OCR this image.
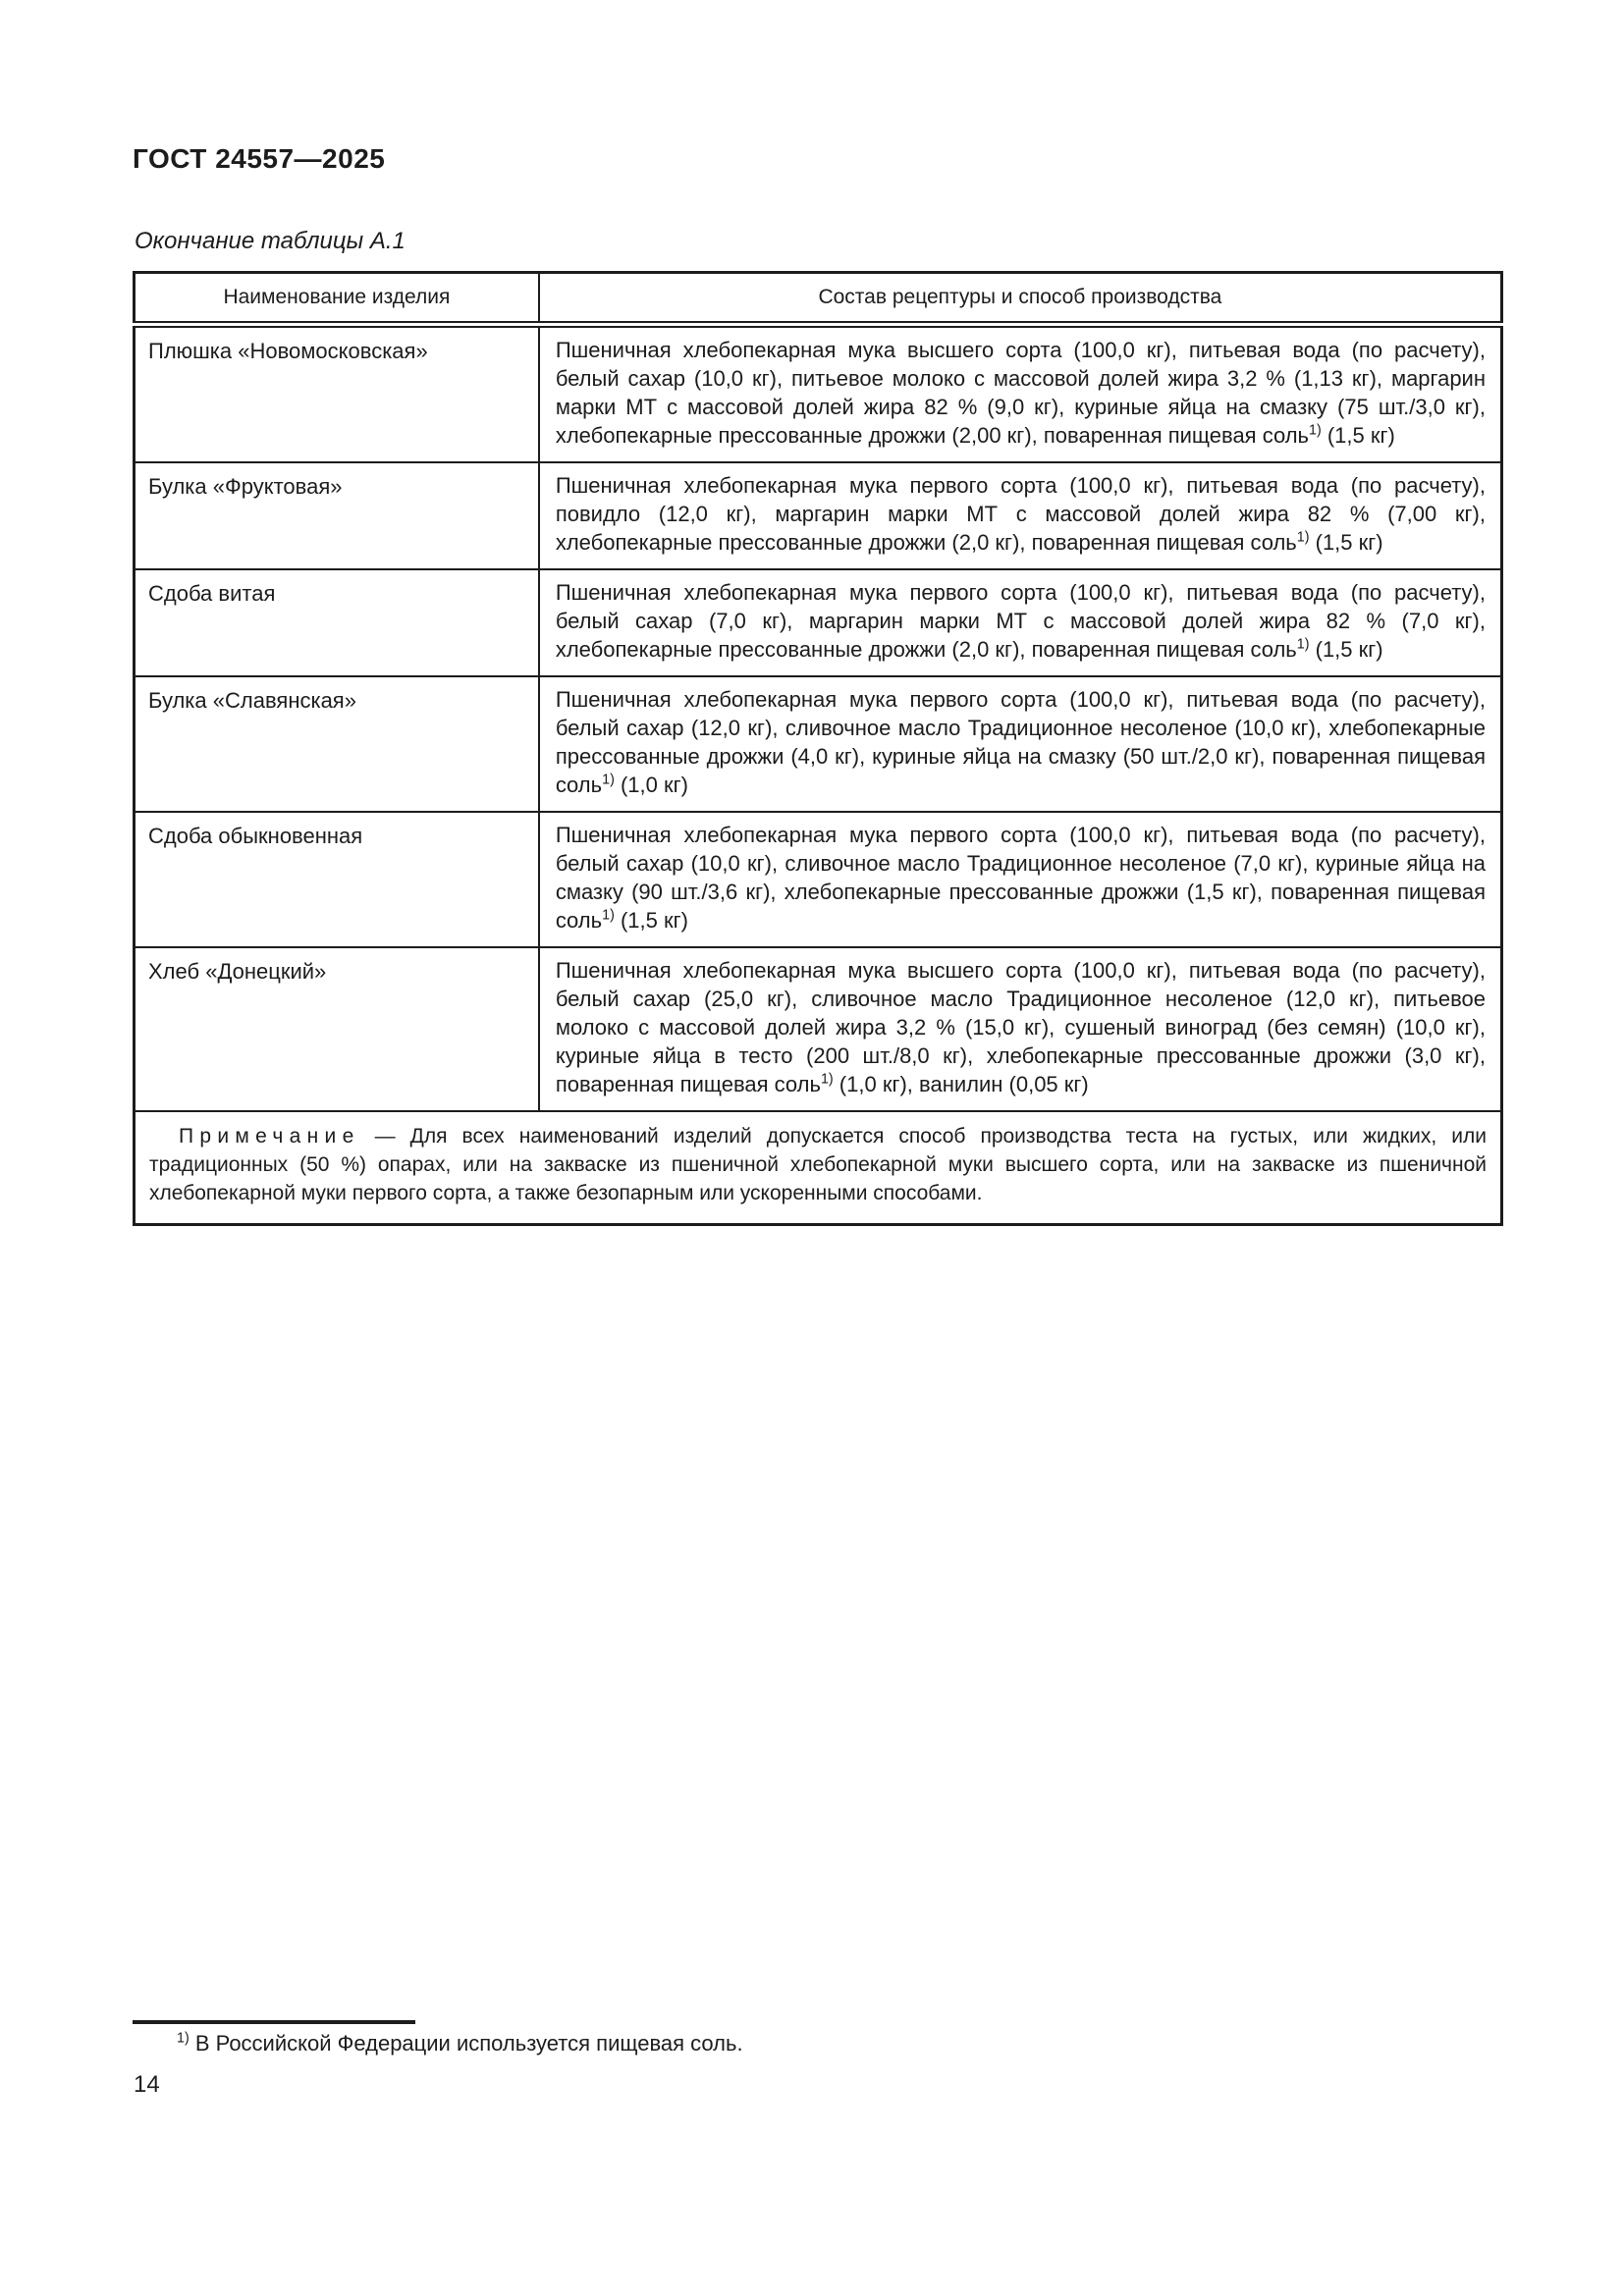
ГОСТ 24557—2025
Окончание таблицы А.1
Наименование изделия	Состав рецептуры и способ производства
Плюшка «Новомосковская»	Пшеничная хлебопекарная мука высшего сорта (100,0 кг), питьевая вода (по расчету), белый сахар (10,0 кг), питьевое молоко с массовой долей жира 3,2 % (1,13 кг), маргарин марки МТ с массовой долей жира 82 % (9,0 кг), куриные яйца на смазку (75 шт./3,0 кг), хлебопекарные прессованные дрожжи (2,00 кг), поваренная пищевая соль$^{1)}$ (1,5 кг)
Булка «Фруктовая»	Пшеничная хлебопекарная мука первого сорта (100,0 кг), питьевая вода (по расчету), повидло (12,0 кг), маргарин марки МТ с массовой долей жира 82 % (7,00 кг), хлебопекарные прессованные дрожжи (2,0 кг), поваренная пищевая соль$^{1)}$ (1,5 кг)
Сдоба витая	Пшеничная хлебопекарная мука первого сорта (100,0 кг), питьевая вода (по расчету), белый сахар (7,0 кг), маргарин марки МТ с массовой долей жира 82 % (7,0 кг), хлебопекарные прессованные дрожжи (2,0 кг), поваренная пищевая соль$^{1)}$ (1,5 кг)
Булка «Славянская»	Пшеничная хлебопекарная мука первого сорта (100,0 кг), питьевая вода (по расчету), белый сахар (12,0 кг), сливочное масло Традиционное несоленое (10,0 кг), хлебопекарные прессованные дрожжи (4,0 кг), куриные яйца на смазку (50 шт./2,0 кг), поваренная пищевая соль$^{1)}$ (1,0 кг)
Сдоба обыкновенная	Пшеничная хлебопекарная мука первого сорта (100,0 кг), питьевая вода (по расчету), белый сахар (10,0 кг), сливочное масло Традиционное несоленое (7,0 кг), куриные яйца на смазку (90 шт./3,6 кг), хлебопекарные прессованные дрожжи (1,5 кг), поваренная пищевая соль$^{1)}$ (1,5 кг)
Хлеб «Донецкий»	Пшеничная хлебопекарная мука высшего сорта (100,0 кг), питьевая вода (по расчету), белый сахар (25,0 кг), сливочное масло Традиционное несоленое (12,0 кг), питьевое молоко с массовой долей жира 3,2 % (15,0 кг), сушеный виноград (без семян) (10,0 кг), куриные яйца в тесто (200 шт./8,0 кг), хлебопекарные прессованные дрожжи (3,0 кг), поваренная пищевая соль$^{1)}$ (1,0 кг), ванилин (0,05 кг)

Примечание — Для всех наименований изделий допускается способ производства теста на густых, или жидких, или традиционных (50 %) опарах, или на закваске из пшеничной хлебопекарной муки высшего сорта, или на закваске из пшеничной хлебопекарной муки первого сорта, а также безопарным или ускоренными способами.	

$^{1)}$ В Российской Федерации используется пищевая соль.

14
